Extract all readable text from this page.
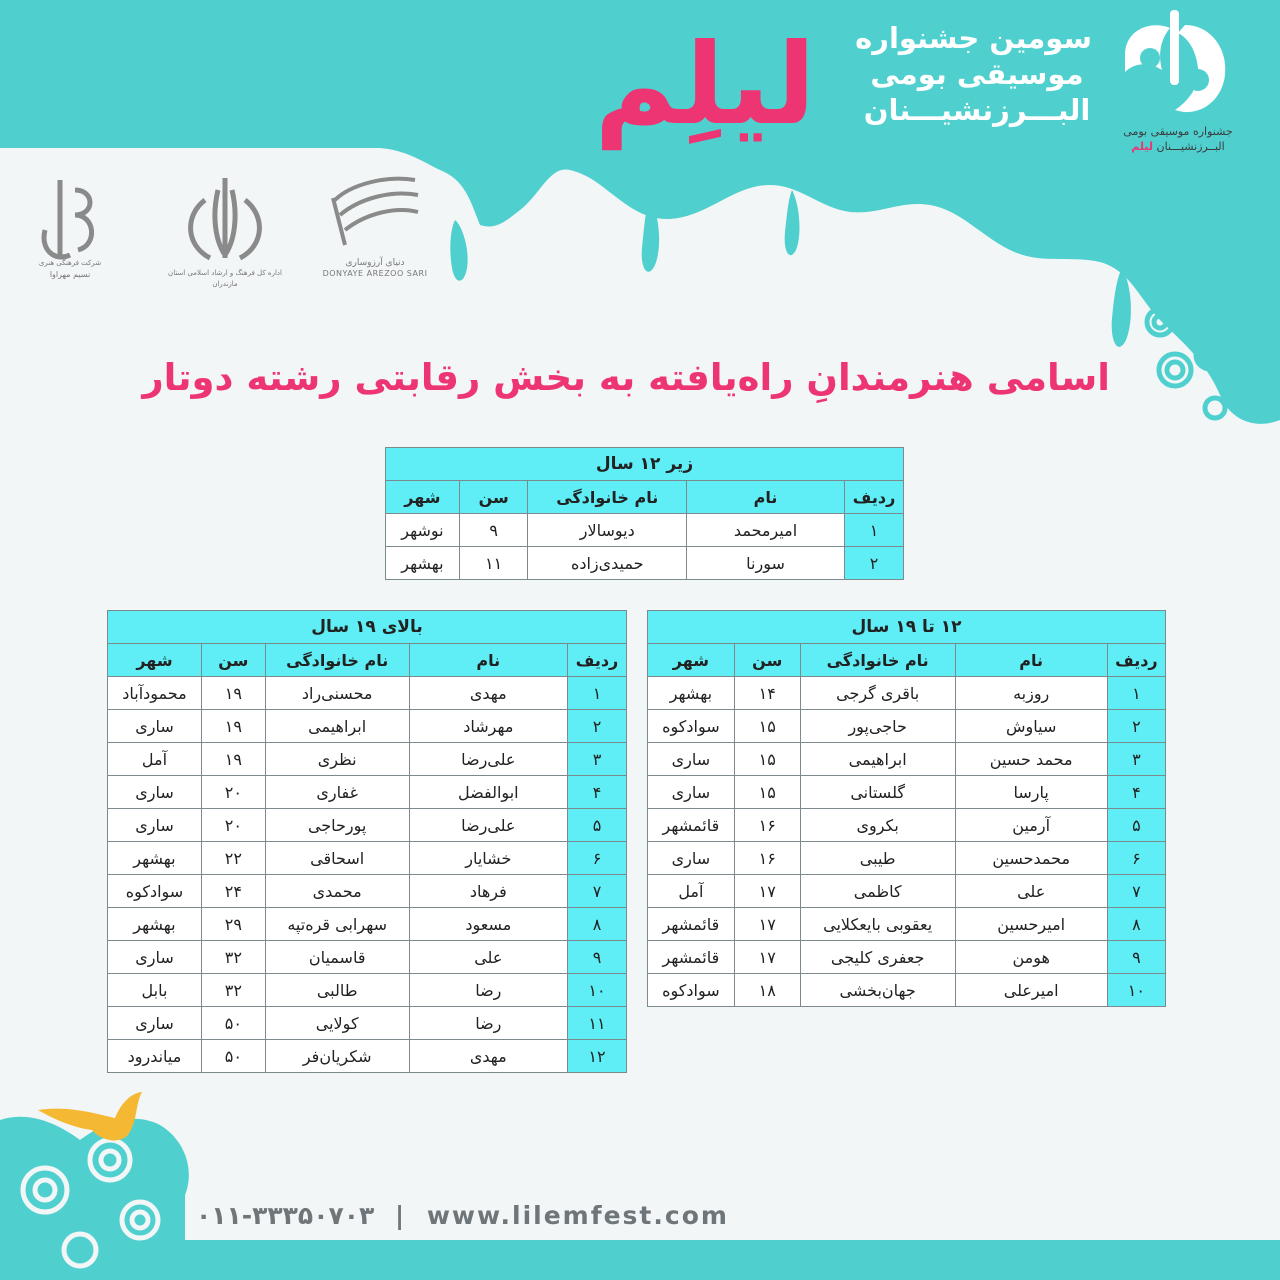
لیلِم	سومین جشنواره
موسیقی بومی
البـــرزنشیـــنان
جشنواره موسیقی بومی
البــرزنشیـــنان لیلم
دنیای آرزوساری
DONYAYE AREZOO SARI
اداره کل فرهنگ و ارشاد اسلامی استان مازندران
شرکت فرهنگی هنری
نسیم مهراوا
اسامی هنرمندانِ راه‌یافته به بخش رقابتی رشته دوتار
زیر ۱۲ سال				
ردیف	نام	نام خانوادگی	سن	شهر
۱	امیرمحمد	دیوسالار	۹	نوشهر
۲	سورنا	حمیدی‌زاده	۱۱	بهشهر
۱۲ تا ۱۹ سال				
ردیف	نام	نام خانوادگی	سن	شهر
۱	روزبه	باقری گرجی	۱۴	بهشهر
۲	سیاوش	حاجی‌پور	۱۵	سوادکوه
۳	محمد حسین	ابراهیمی	۱۵	ساری
۴	پارسا	گلستانی	۱۵	ساری
۵	آرمین	بکروی	۱۶	قائمشهر
۶	محمدحسین	طیبی	۱۶	ساری
۷	علی	کاظمی	۱۷	آمل
۸	امیرحسین	یعقوبی بایعکلایی	۱۷	قائمشهر
۹	هومن	جعفری کلیجی	۱۷	قائمشهر
۱۰	امیرعلی	جهان‌بخشی	۱۸	سوادکوه
بالای ۱۹ سال				
ردیف	نام	نام خانوادگی	سن	شهر
۱	مهدی	محسنی‌راد	۱۹	محمودآباد
۲	مهرشاد	ابراهیمی	۱۹	ساری
۳	علی‌رضا	نظری	۱۹	آمل
۴	ابوالفضل	غفاری	۲۰	ساری
۵	علی‌رضا	پورحاجی	۲۰	ساری
۶	خشایار	اسحاقی	۲۲	بهشهر
۷	فرهاد	محمدی	۲۴	سوادکوه
۸	مسعود	سهرابی قره‌تپه	۲۹	بهشهر
۹	علی	قاسمیان	۳۲	ساری
۱۰	رضا	طالبی	۳۲	بابل
۱۱	رضا	کولایی	۵۰	ساری
۱۲	مهدی	شکریان‌فر	۵۰	میاندرود
۰۱۱-۳۳۳۵۰۷۰۳ | www.lilemfest.com
